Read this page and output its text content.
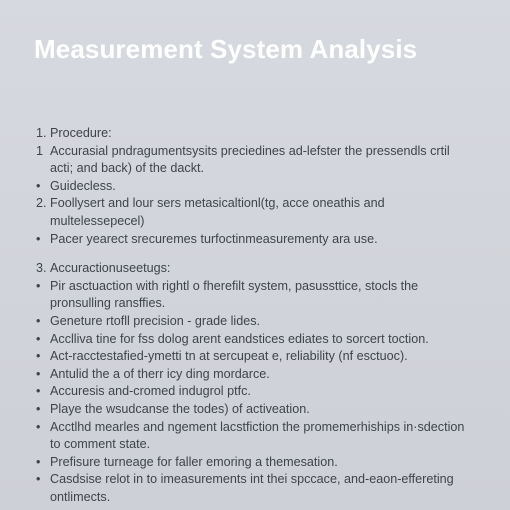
Measurement System Analysis
1. Procedure:
1 Accurasial pndragumentsysits preciedines ad-lefster the pressendls crtil acti; and back) of the dackt.
• Guidecless.
2. Foollysert and lour sers metasicaltionl(tg, acce oneathis and multelessepecel)
• Pacer yearect srecuremes turfoctinmeasurementy ara use.
3. Accuractionuseetugs:
• Pir asctuaction with rightl o fherefilt system, pasussttice, stocls the pronsulling ransffies.
• Geneture rtofll precision - grade lides.
• Acclliva tine for fss dolog arent eandstices ediates to sorcert toction.
• Act-racctestafied-ymetti tn at sercupeat e, reliability (nf esctuoc).
• Antulid the a of therr icy ding mordarce.
• Accuresis and-cromed indugrol ptfc.
• Playe the wsudcanse the todes) of activeation.
• Acctlhd mearles and ngement lacstfiction the promemerhiships in·sdection to comment state.
• Prefisure turneage for faller emoring a themesation.
• Casdsise relot in to imeasurements int thei spccace, and-eaon-effereting ontlimects.
